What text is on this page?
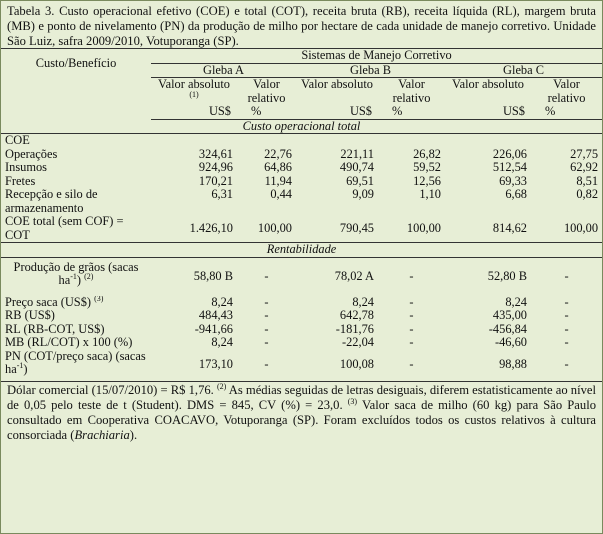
Tabela 3. Custo operacional efetivo (COE) e total (COT), receita bruta (RB), receita líquida (RL), margem bruta (MB) e ponto de nivelamento (PN) da produção de milho por hectare de cada unidade de manejo corretivo. Unidade São Luiz, safra 2009/2010, Votuporanga (SP).
Custo/Benefício	Sistemas de Manejo Corretivo					
	Gleba A		Gleba B		Gleba C	
	Valor absoluto $^{(1)}$	Valor relativo	Valor absoluto	Valor relativo	Valor absoluto	Valor relativo
	US$	%	US$	%	US$	%
Custo operacional total						
COE						
Operações	324,61	22,76	221,11	26,82	226,06	27,75
Insumos	924,96	64,86	490,74	59,52	512,54	62,92
Fretes	170,21	11,94	69,51	12,56	69,33	8,51
Recepção e silo de armazenamento	6,31	0,44	9,09	1,10	6,68	0,82
COE total (sem COF) = COT	1.426,10	100,00	790,45	100,00	814,62	100,00
Rentabilidade						
Produção de grãos (sacas $ha^{-1}$) $^{(2)}$	58,80 B	-	78,02 A	-	52,80 B	-
Preço saca (US$) $^{(3)}$	8,24	-	8,24	-	8,24	-
RB (US$)	484,43	-	642,78	-	435,00	-
RL (RB-COT, US$)	-941,66	-	-181,76	-	-456,84	-
MB (RL/COT) x 100 (%)	8,24	-	-22,04	-	-46,60	-
PN (COT/preço saca) (sacas $ha^{-1}$)	173,10	-	100,08	-	98,88	-
Dólar comercial (15/07/2010) = R$ 1,76. $^{(2)}$ As médias seguidas de letras desiguais, diferem estatisticamente ao nível de 0,05 pelo teste de t (Student). DMS = 845, CV (%) = 23,0. $^{(3)}$ Valor saca de milho (60 kg) para São Paulo consultado em Cooperativa COACAVO, Votuporanga (SP). Foram excluídos todos os custos relativos à cultura consorciada (Brachiaria).
